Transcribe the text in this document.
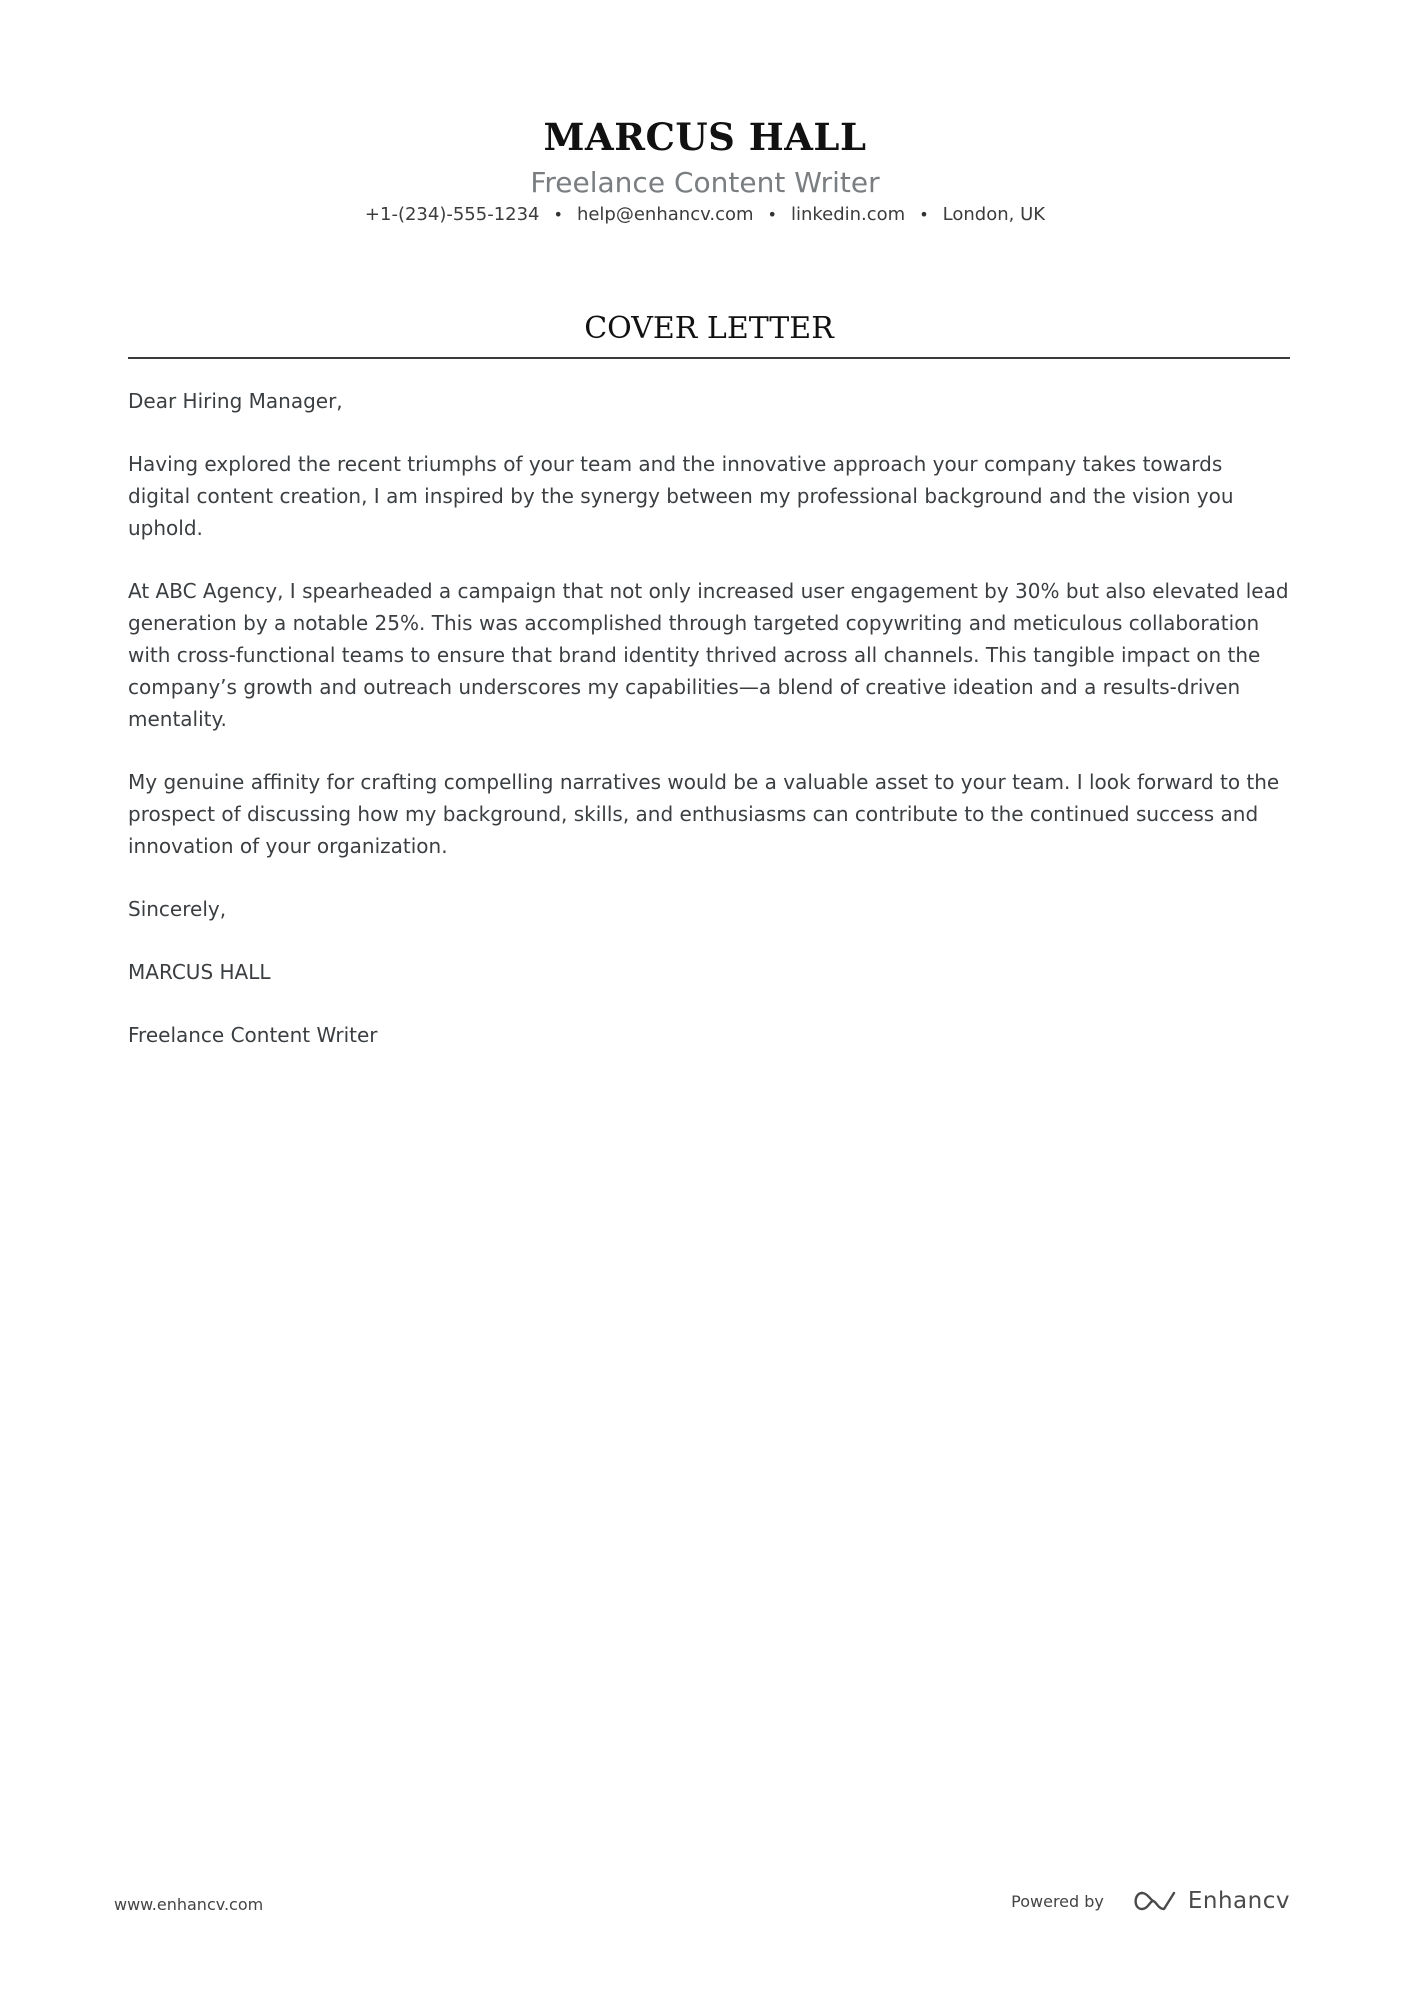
MARCUS HALL
Freelance Content Writer
+1-(234)-555-1234 • help@enhancv.com • linkedin.com • London, UK
COVER LETTER

Dear Hiring Manager,

Having explored the recent triumphs of your team and the innovative approach your company takes towards digital content creation, I am inspired by the synergy between my professional background and the vision you uphold.

At ABC Agency, I spearheaded a campaign that not only increased user engagement by 30% but also elevated lead generation by a notable 25%. This was accomplished through targeted copywriting and meticulous collaboration with cross-functional teams to ensure that brand identity thrived across all channels. This tangible impact on the company’s growth and outreach underscores my capabilities—a blend of creative ideation and a results-driven mentality.

My genuine affinity for crafting compelling narratives would be a valuable asset to your team. I look forward to the prospect of discussing how my background, skills, and enthusiasms can contribute to the continued success and innovation of your organization.

Sincerely,

MARCUS HALL

Freelance Content Writer

www.enhancv.com	Powered by	Enhancv
